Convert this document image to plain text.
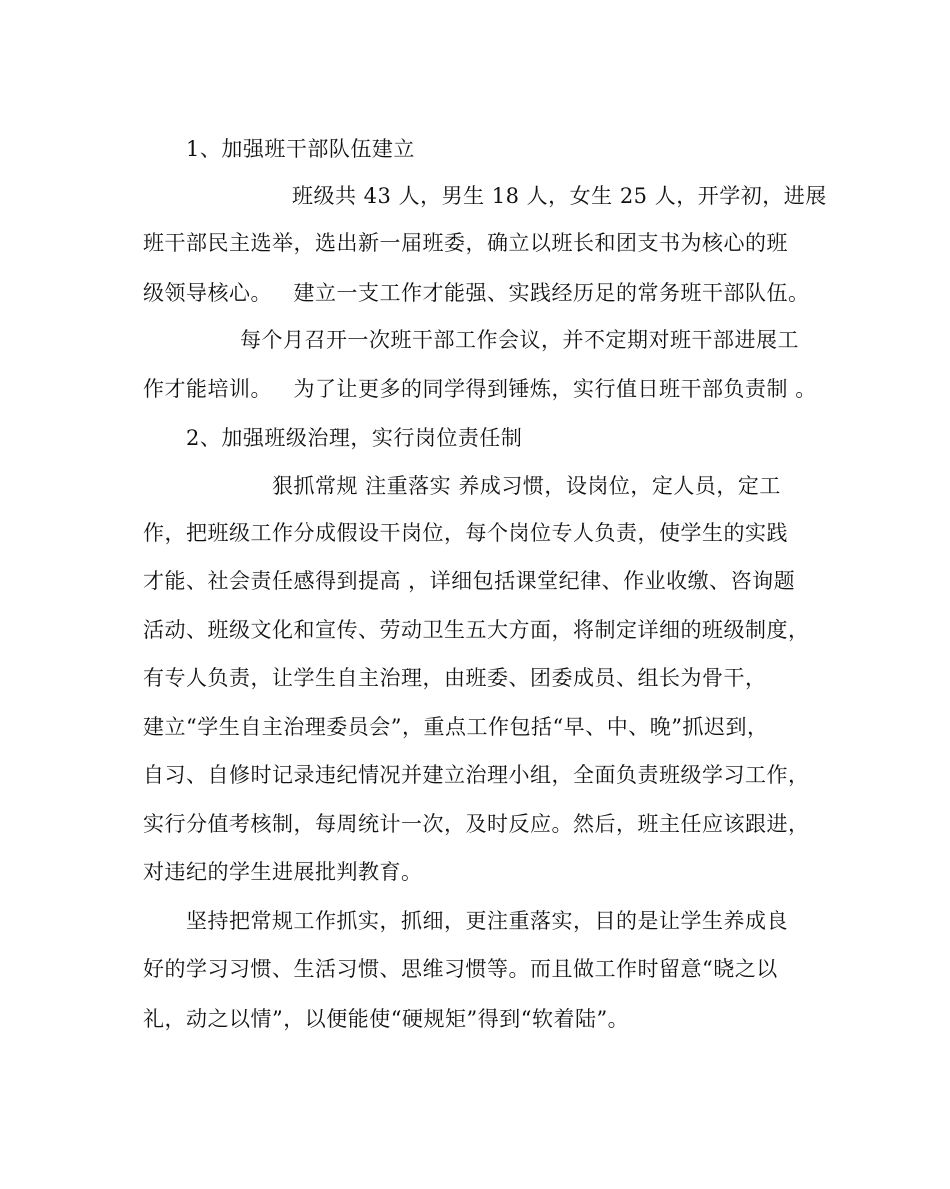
1、加强班干部队伍建立
班级共 43 人，男生 18 人，女生 25 人，开学初，进展
班干部民主选举，选出新一届班委，确立以班长和团支书为核心的班
级领导核心。   建立一支工作才能强、实践经历足的常务班干部队伍。
每个月召开一次班干部工作会议，并不定期对班干部进展工
作才能培训。   为了让更多的同学得到锤炼，实行值日班干部负责制 。
2、加强班级治理，实行岗位责任制
狠抓常规 注重落实 养成习惯，设岗位，定人员，定工
作，把班级工作分成假设干岗位，每个岗位专人负责，使学生的实践
才能、社会责任感得到提高 ，详细包括课堂纪律、作业收缴、咨询题
活动、班级文化和宣传、劳动卫生五大方面，将制定详细的班级制度，
有专人负责，让学生自主治理，由班委、团委成员、组长为骨干，
建立“学生自主治理委员会”，重点工作包括“早、中、晚”抓迟到，
自习、自修时记录违纪情况并建立治理小组，全面负责班级学习工作，
实行分值考核制，每周统计一次，及时反应。然后，班主任应该跟进，
对违纪的学生进展批判教育。
坚持把常规工作抓实，抓细，更注重落实，目的是让学生养成良
好的学习习惯、生活习惯、思维习惯等。而且做工作时留意“晓之以
礼，动之以情”，以便能使“硬规矩”得到“软着陆”。
